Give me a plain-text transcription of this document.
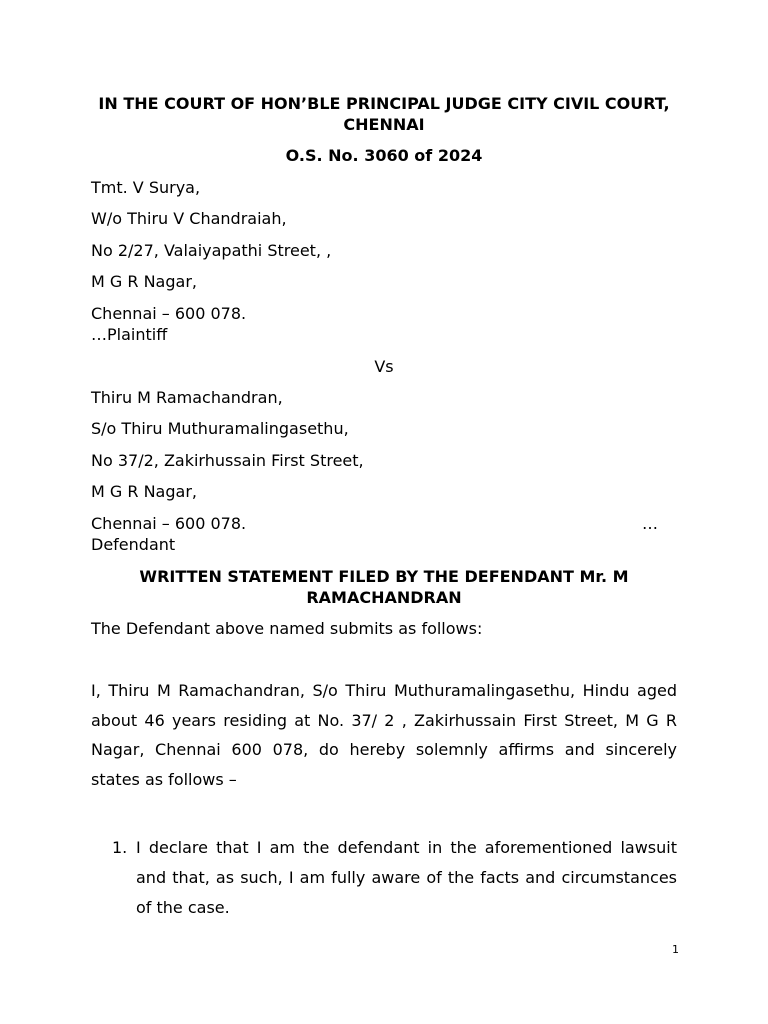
IN THE COURT OF HON’BLE PRINCIPAL JUDGE CITY CIVIL COURT, CHENNAI
O.S. No. 3060 of 2024
Tmt. V Surya,
W/o Thiru V Chandraiah,
No 2/27, Valaiyapathi Street, ,
M G R Nagar,
Chennai – 600 078.
…Plaintiff
Vs
Thiru M Ramachandran,
S/o Thiru Muthuramalingasethu,
No 37/2, Zakirhussain First Street,
M G R Nagar,
Chennai – 600 078.	…
Defendant
WRITTEN STATEMENT FILED BY THE DEFENDANT Mr. M RAMACHANDRAN
The Defendant above named submits as follows:
I, Thiru M Ramachandran, S/o Thiru Muthuramalingasethu, Hindu aged about 46 years residing at No. 37/ 2 , Zakirhussain First Street, M G R Nagar, Chennai 600 078, do hereby solemnly affirms and sincerely states as follows –
1. I declare that I am the defendant in the aforementioned lawsuit and that, as such, I am fully aware of the facts and circumstances of the case.
1
